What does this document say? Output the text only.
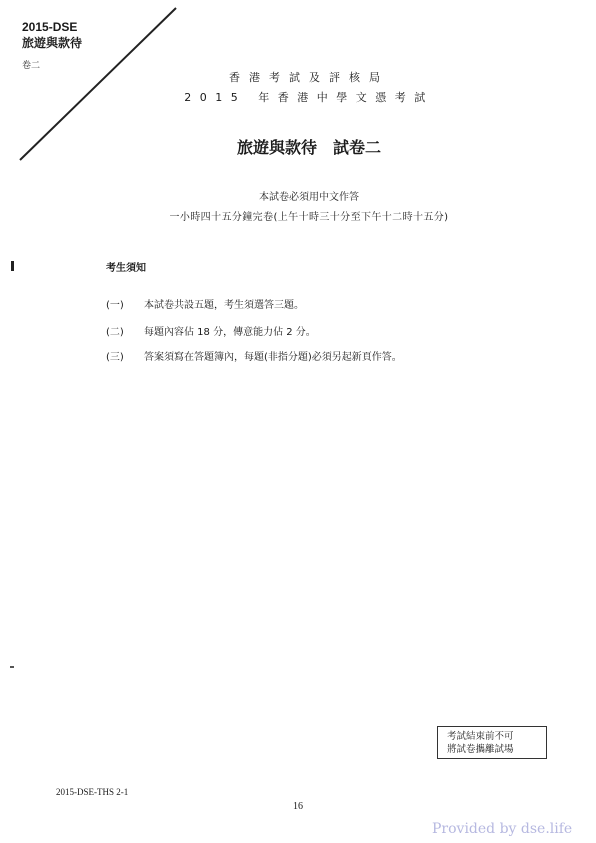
2015-DSE
旅遊與款待
卷二
香港考試及評核局
2015 年香港中學文憑考試
旅遊與款待　試卷二
本試卷必須用中文作答
一小時四十五分鐘完卷(上午十時三十分至下午十二時十五分)
考生須知
(一)	本試卷共設五題，考生須選答三題。
(二)	每題內容佔 18 分，傳意能力佔 2 分。
(三)	答案須寫在答題簿內，每題(非指分題)必須另起新頁作答。
考試結束前不可
將試卷攜離試場
2015-DSE-THS 2-1
16
Provided by dse.life
